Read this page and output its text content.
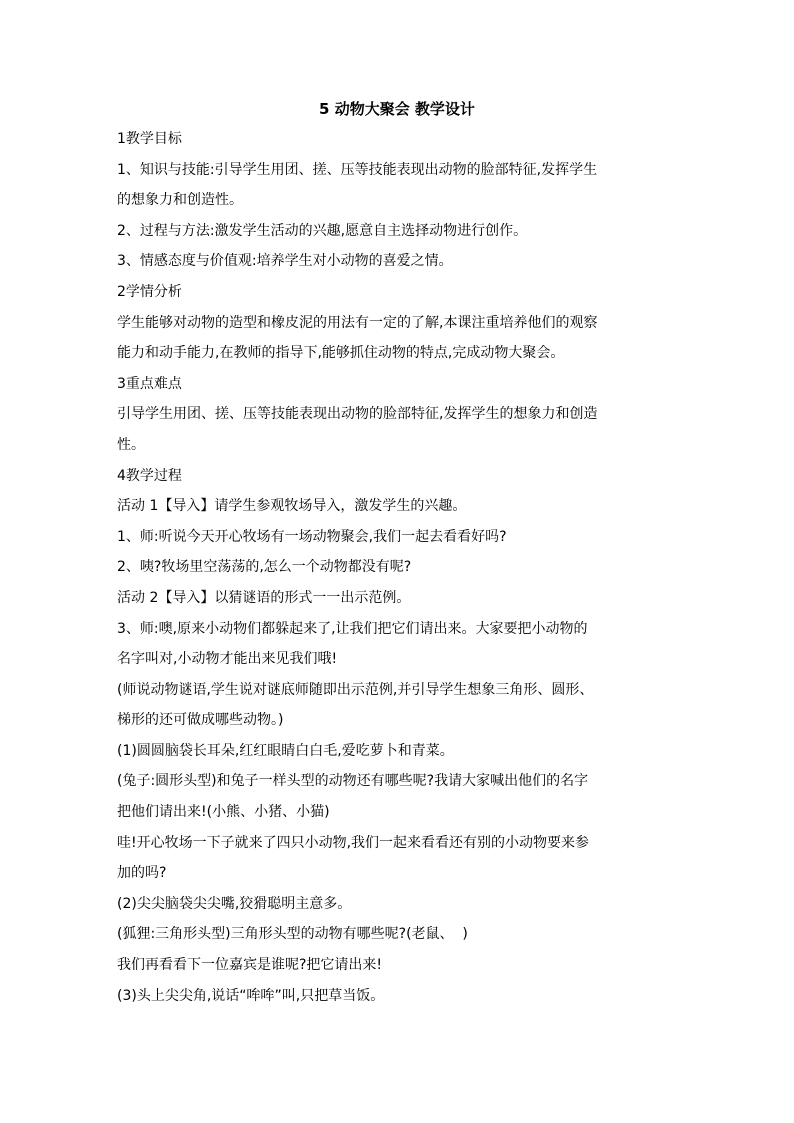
5 动物大聚会 教学设计

1教学目标

1、知识与技能:引导学生用团、搓、压等技能表现出动物的脸部特征,发挥学生

的想象力和创造性。

2、过程与方法:激发学生活动的兴趣,愿意自主选择动物进行创作。

3、情感态度与价值观:培养学生对小动物的喜爱之情。

2学情分析

学生能够对动物的造型和橡皮泥的用法有一定的了解,本课注重培养他们的观察

能力和动手能力,在教师的指导下,能够抓住动物的特点,完成动物大聚会。

3重点难点

引导学生用团、搓、压等技能表现出动物的脸部特征,发挥学生的想象力和创造

性。

4教学过程

活动 1【导入】请学生参观牧场导入，激发学生的兴趣。

1、师:听说今天开心牧场有一场动物聚会,我们一起去看看好吗?

2、咦?牧场里空荡荡的,怎么一个动物都没有呢?

活动 2【导入】以猜谜语的形式一一出示范例。

3、师:噢,原来小动物们都躲起来了,让我们把它们请出来。大家要把小动物的

名字叫对,小动物才能出来见我们哦!

(师说动物谜语,学生说对谜底师随即出示范例,并引导学生想象三角形、圆形、

梯形的还可做成哪些动物。)

(1)圆圆脑袋长耳朵,红红眼睛白白毛,爱吃萝卜和青菜。

(兔子:圆形头型)和兔子一样头型的动物还有哪些呢?我请大家喊出他们的名字

把他们请出来!(小熊、小猪、小猫)

哇!开心牧场一下子就来了四只小动物,我们一起来看看还有别的小动物要来参

加的吗?

(2)尖尖脑袋尖尖嘴,狡猾聪明主意多。

(狐狸:三角形头型)三角形头型的动物有哪些呢?(老鼠、  )

我们再看看下一位嘉宾是谁呢?把它请出来!

(3)头上尖尖角,说话“哞哞”叫,只把草当饭。
